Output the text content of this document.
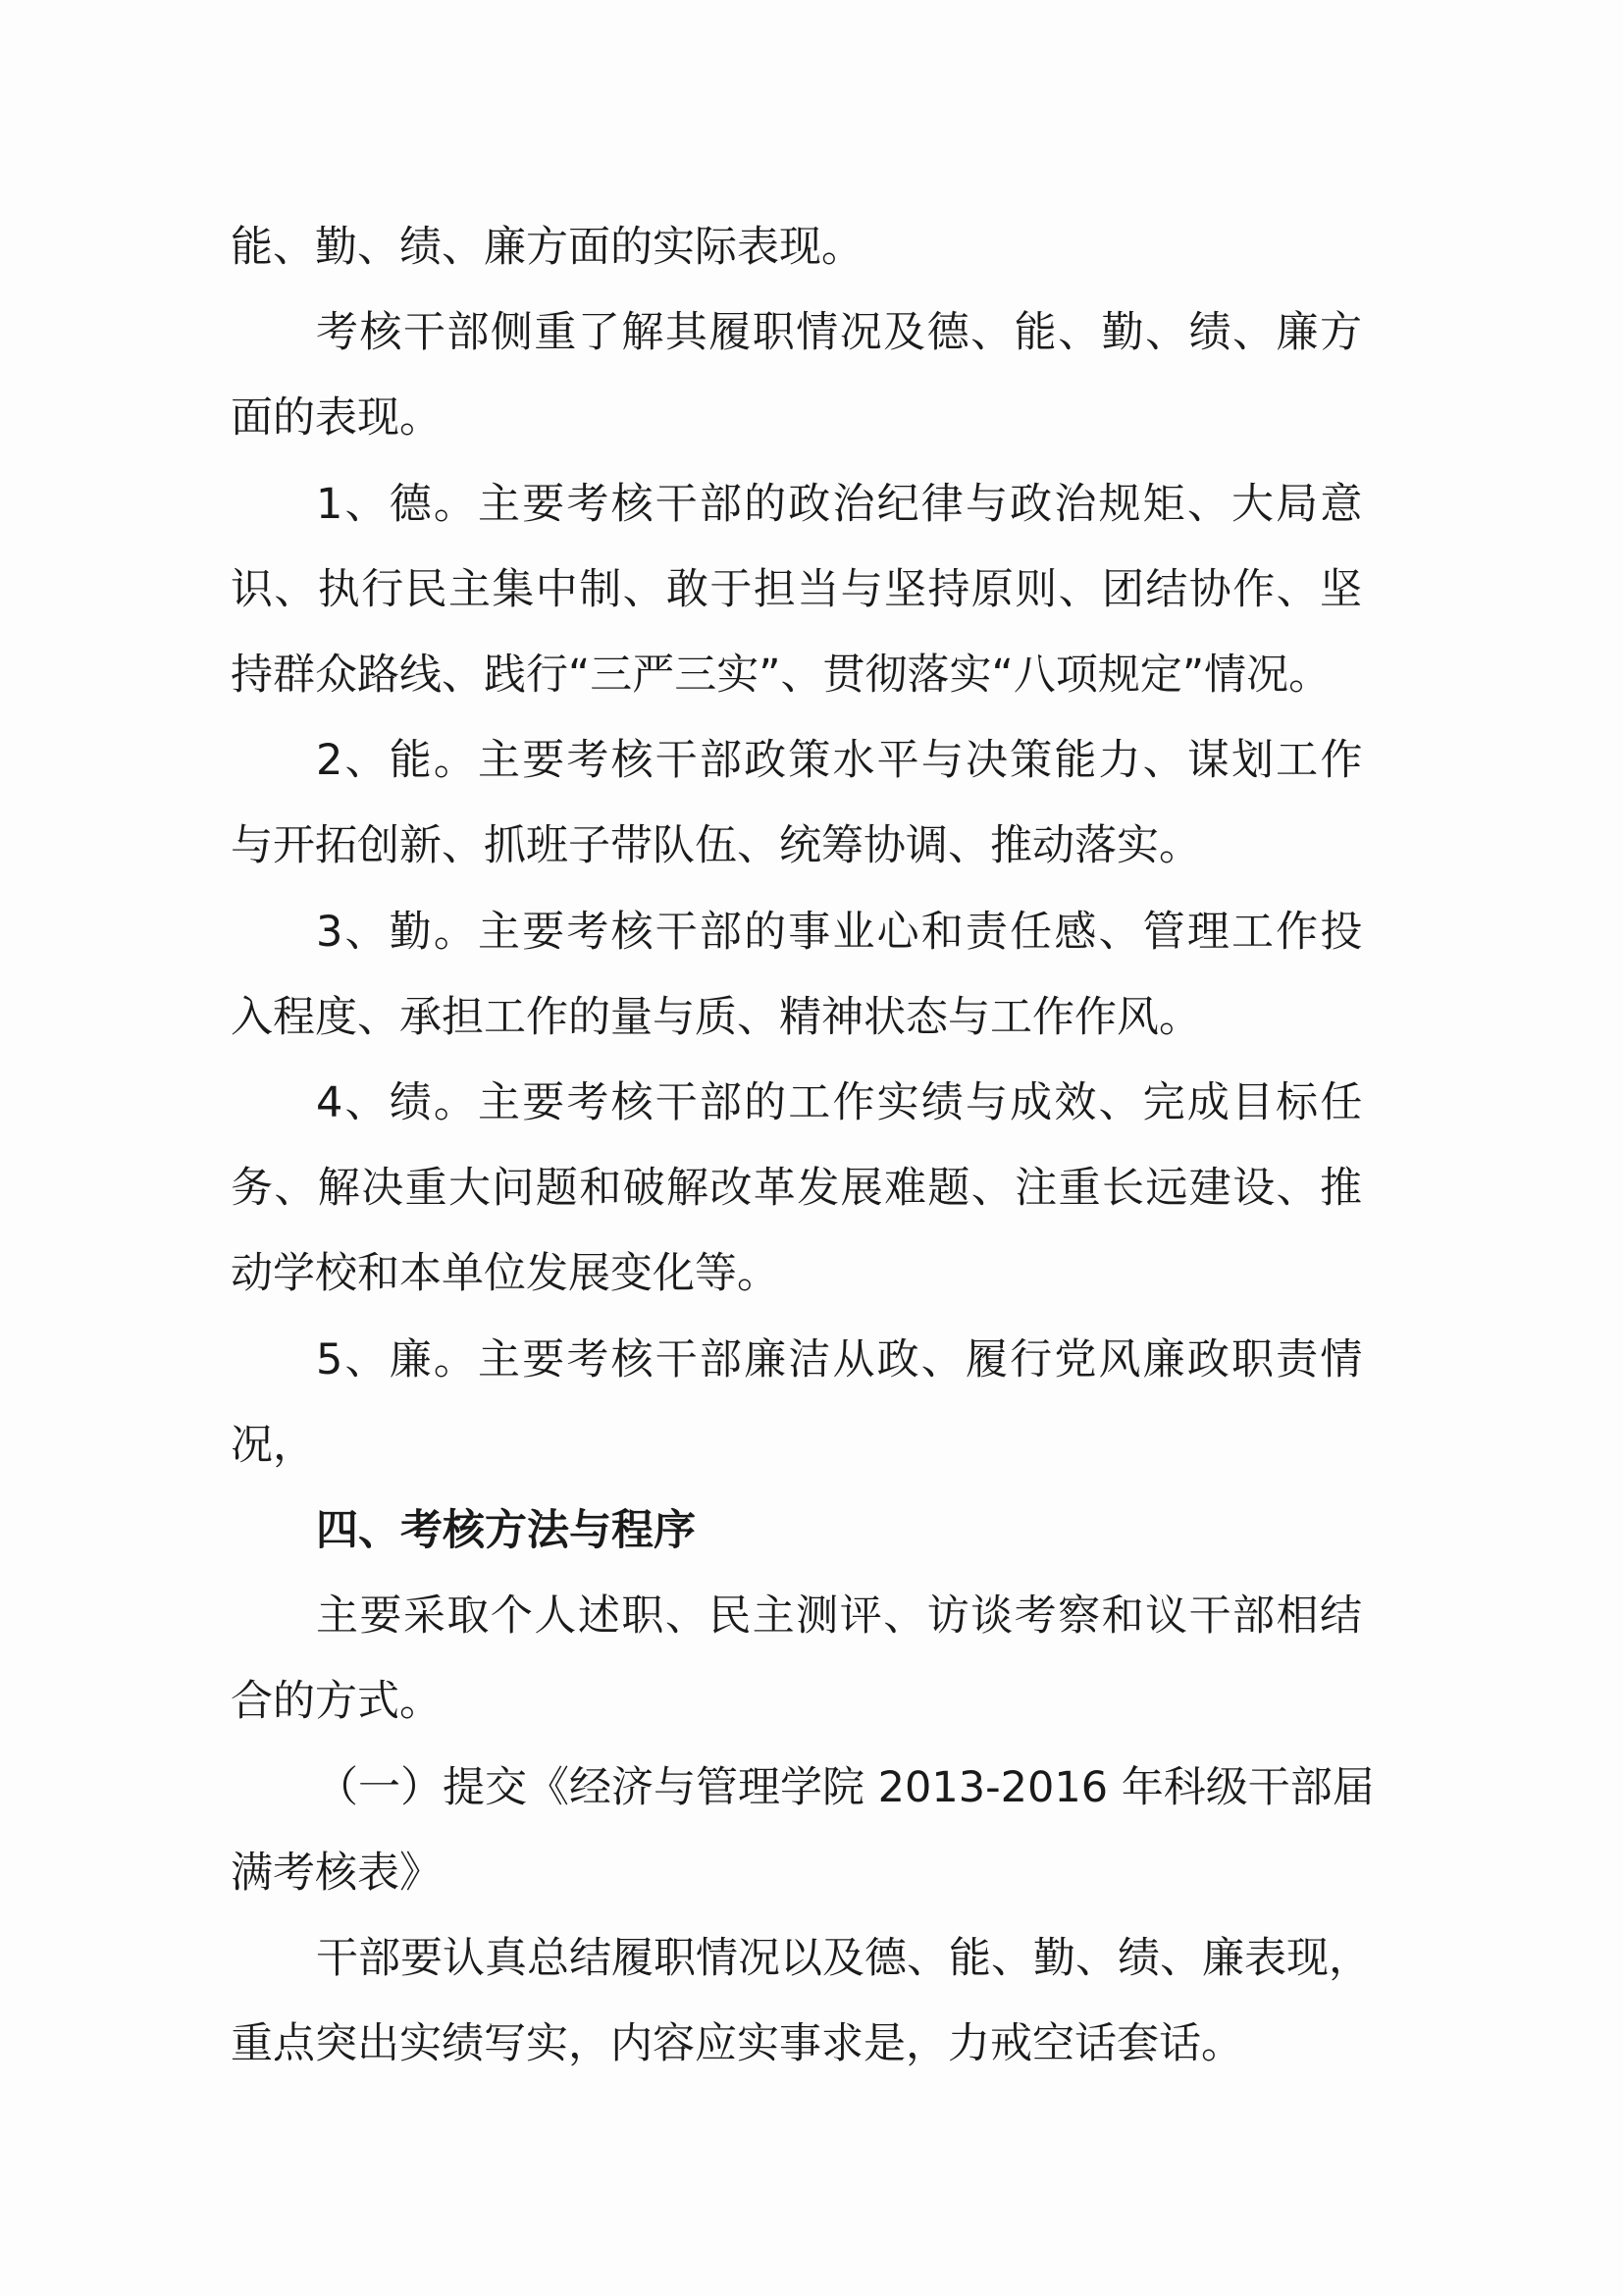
能、勤、绩、廉方面的实际表现。
考核干部侧重了解其履职情况及德、能、勤、绩、廉方
面的表现。
1、德。主要考核干部的政治纪律与政治规矩、大局意
识、执行民主集中制、敢于担当与坚持原则、团结协作、坚
持群众路线、践行“三严三实”、贯彻落实“八项规定”情况。
2、能。主要考核干部政策水平与决策能力、谋划工作
与开拓创新、抓班子带队伍、统筹协调、推动落实。
3、勤。主要考核干部的事业心和责任感、管理工作投
入程度、承担工作的量与质、精神状态与工作作风。
4、绩。主要考核干部的工作实绩与成效、完成目标任
务、解决重大问题和破解改革发展难题、注重长远建设、推
动学校和本单位发展变化等。
5、廉。主要考核干部廉洁从政、履行党风廉政职责情
况，
四、考核方法与程序
主要采取个人述职、民主测评、访谈考察和议干部相结
合的方式。
（一）提交《经济与管理学院 2013-2016 年科级干部届
满考核表》
干部要认真总结履职情况以及德、能、勤、绩、廉表现，
重点突出实绩写实，内容应实事求是，力戒空话套话。
